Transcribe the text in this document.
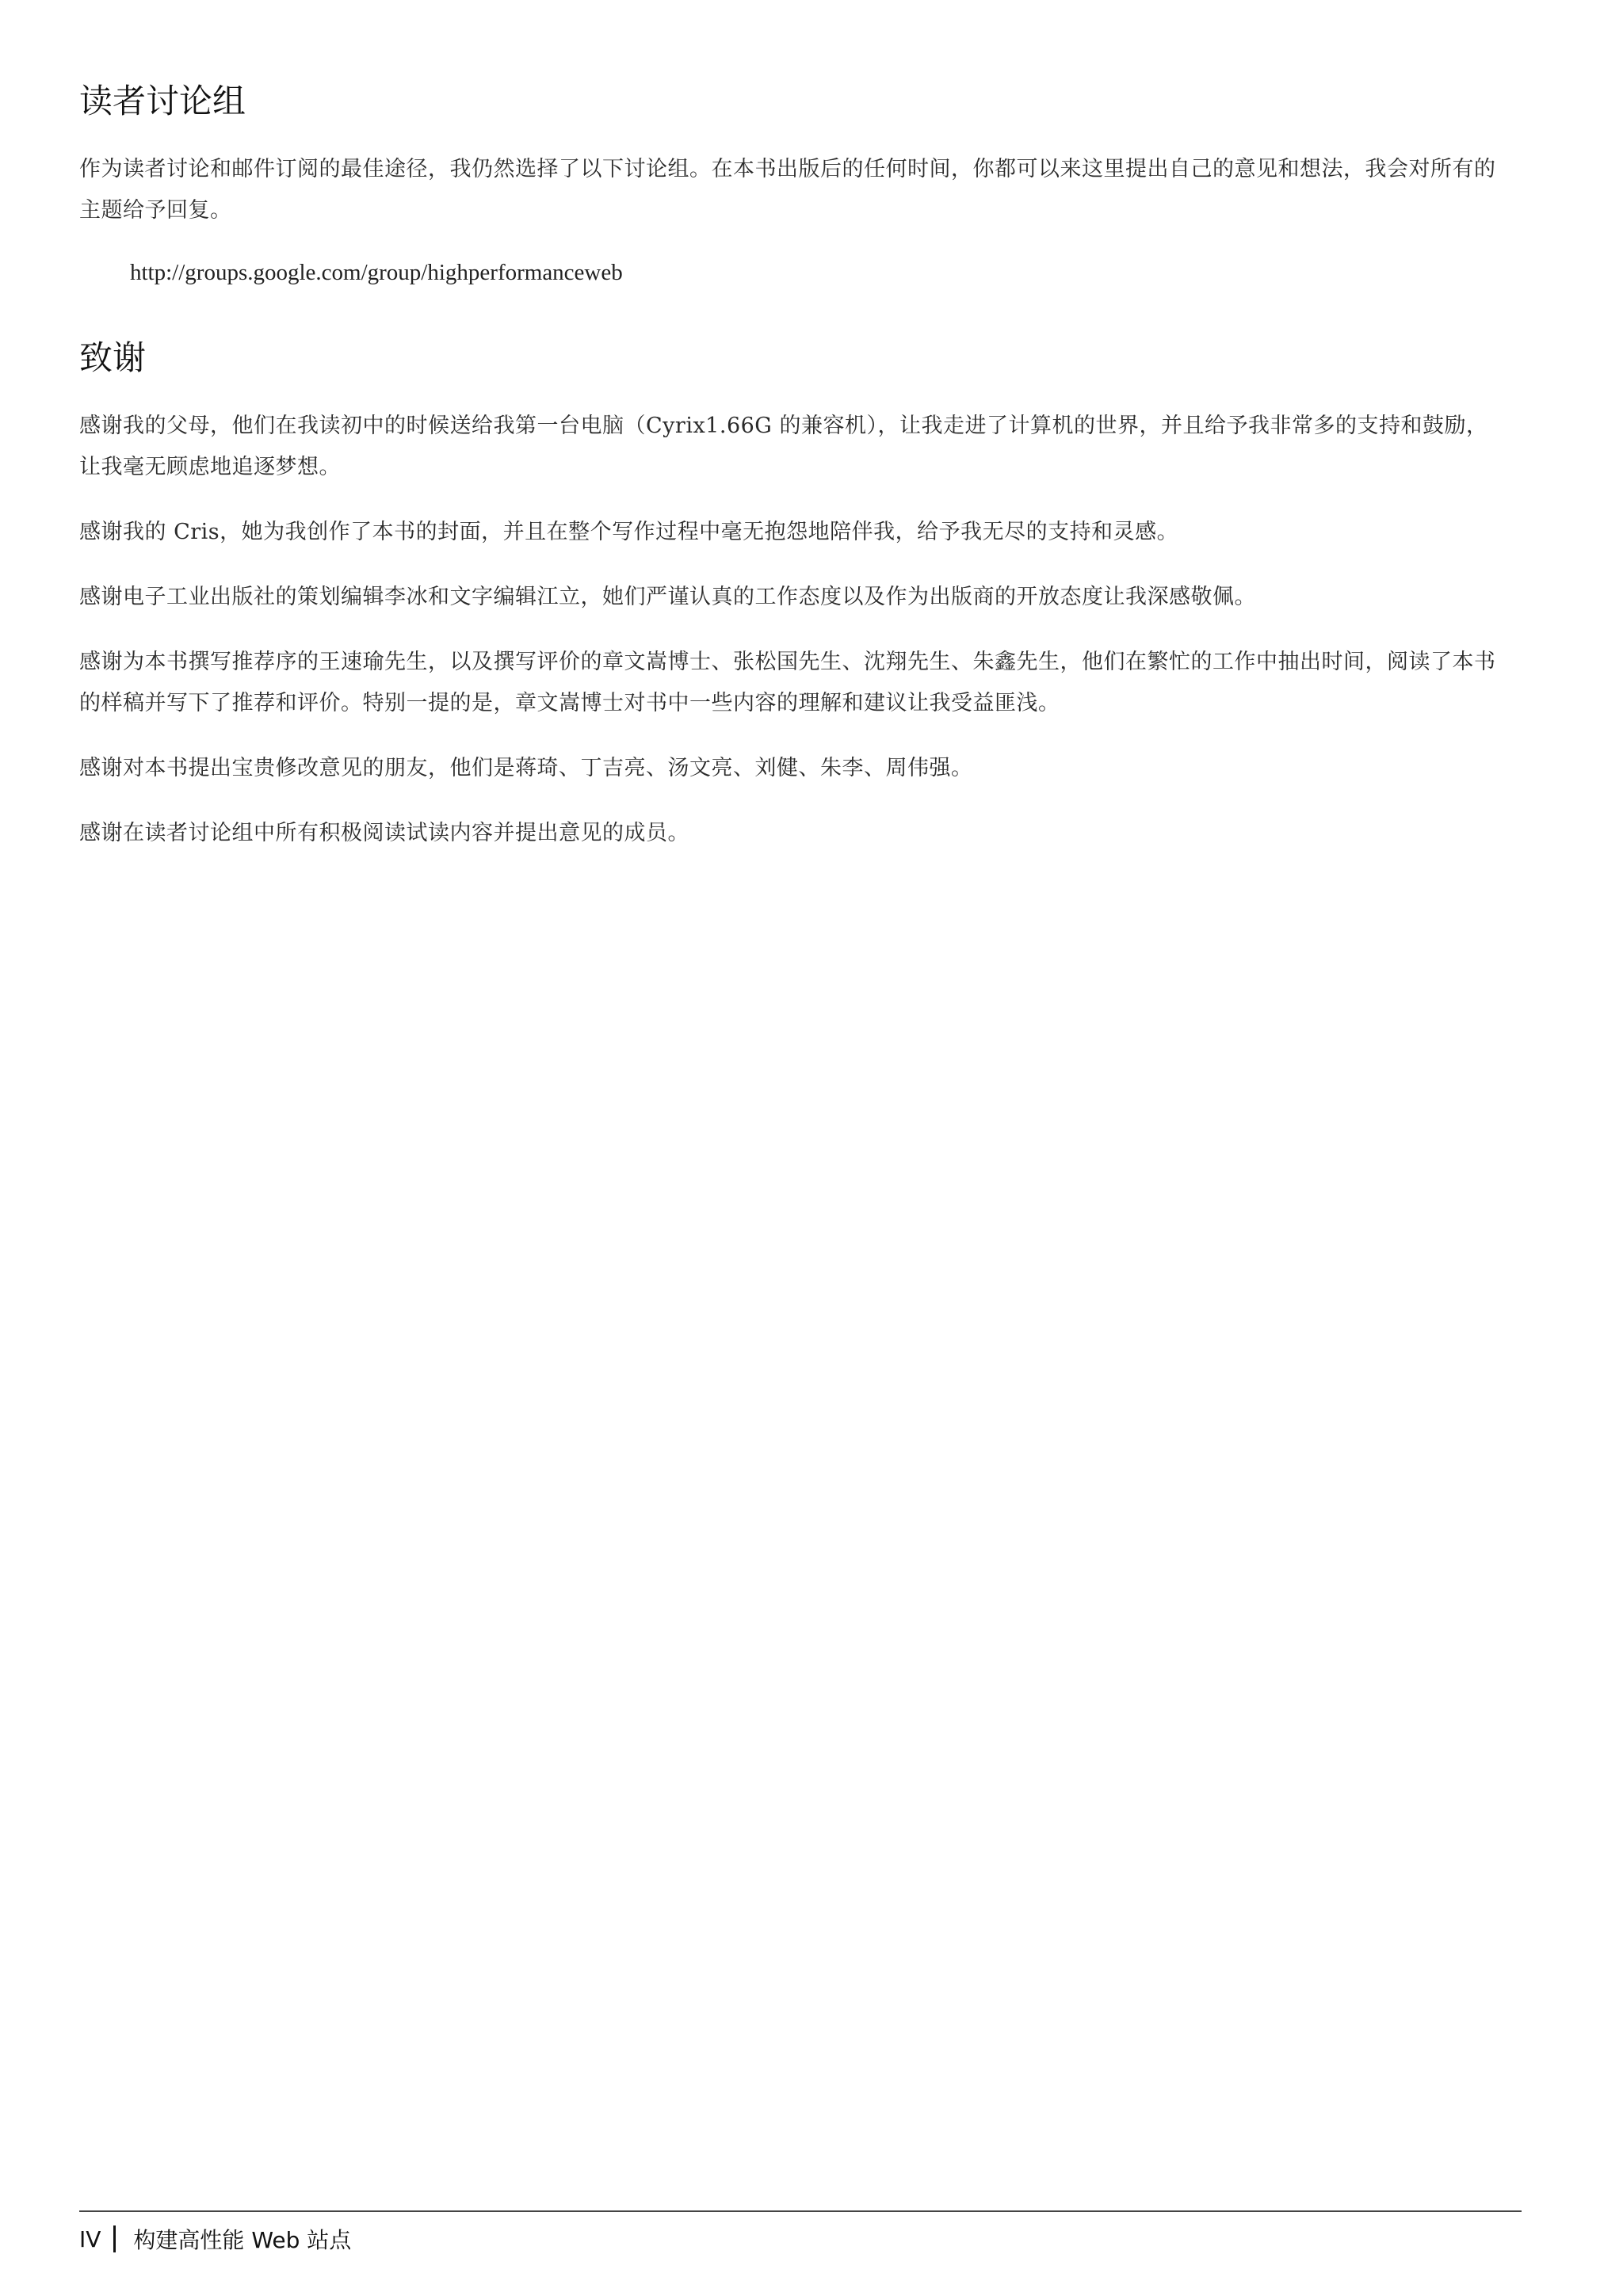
读者讨论组

作为读者讨论和邮件订阅的最佳途径，我仍然选择了以下讨论组。在本书出版后的任何时间，你都可以来这里提出自己的意见和想法，我会对所有的主题给予回复。

http://groups.google.com/group/highperformanceweb
致谢

感谢我的父母，他们在我读初中的时候送给我第一台电脑（Cyrix1.66G 的兼容机），让我走进了计算机的世界，并且给予我非常多的支持和鼓励，让我毫无顾虑地追逐梦想。

感谢我的 Cris，她为我创作了本书的封面，并且在整个写作过程中毫无抱怨地陪伴我，给予我无尽的支持和灵感。

感谢电子工业出版社的策划编辑李冰和文字编辑江立，她们严谨认真的工作态度以及作为出版商的开放态度让我深感敬佩。

感谢为本书撰写推荐序的王速瑜先生，以及撰写评价的章文嵩博士、张松国先生、沈翔先生、朱鑫先生，他们在繁忙的工作中抽出时间，阅读了本书的样稿并写下了推荐和评价。特别一提的是，章文嵩博士对书中一些内容的理解和建议让我受益匪浅。

感谢对本书提出宝贵修改意见的朋友，他们是蒋琦、丁吉亮、汤文亮、刘健、朱李、周伟强。

感谢在读者讨论组中所有积极阅读试读内容并提出意见的成员。

IV 构建高性能 Web 站点
